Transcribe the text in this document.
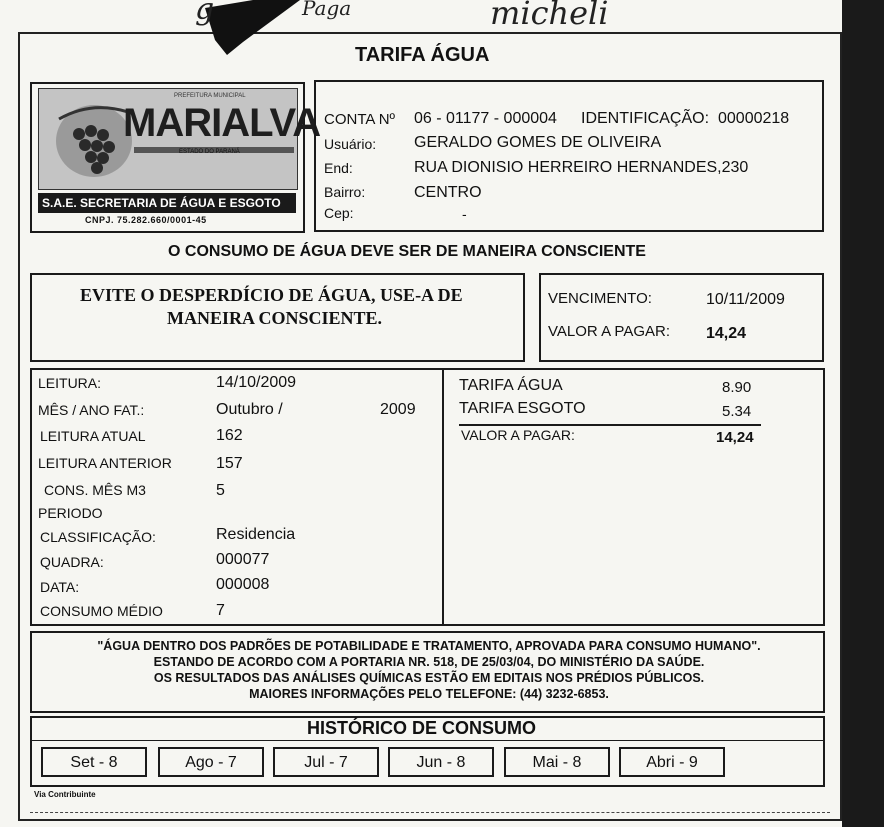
g	Paga	micheli
TARIFA ÁGUA
PREFEITURA MUNICIPAL
MARIALVA
ESTADO DO PARANÁ
S.A.E. SECRETARIA DE ÁGUA E ESGOTO
CNPJ. 75.282.660/0001-45
CONTA Nº 06 - 01177 - 000004 IDENTIFICAÇÃO: 00000218
Usuário: GERALDO GOMES DE OLIVEIRA
End:	RUA DIONISIO HERREIRO HERNANDES,230
Bairro:	CENTRO
Cep:	-
O CONSUMO DE ÁGUA DEVE SER DE MANEIRA CONSCIENTE
EVITE O DESPERDÍCIO DE ÁGUA, USE-A DE
MANEIRA CONSCIENTE.
VENCIMENTO:	10/11/2009
VALOR A PAGAR: 14,24
LEITURA:	14/10/2009
MÊS / ANO FAT.:	Outubro /	2009
LEITURA ATUAL	162
LEITURA ANTERIOR	157
CONS. MÊS M3	5
PERIODO
CLASSIFICAÇÃO:	Residencia
QUADRA:	000077
DATA:	000008
CONSUMO MÉDIO	7
TARIFA ÁGUA	8.90
TARIFA ESGOTO	5.34
VALOR A PAGAR:	14,24
"ÁGUA DENTRO DOS PADRÕES DE POTABILIDADE E TRATAMENTO, APROVADA PARA CONSUMO HUMANO".
ESTANDO DE ACORDO COM A PORTARIA NR. 518, DE 25/03/04, DO MINISTÉRIO DA SAÚDE.
OS RESULTADOS DAS ANÁLISES QUÍMICAS ESTÃO EM EDITAIS NOS PRÉDIOS PÚBLICOS.
MAIORES INFORMAÇÕES PELO TELEFONE: (44) 3232-6853.
HISTÓRICO DE CONSUMO
Set - 8	Ago - 7	Jul - 7	Jun - 8	Mai - 8	Abri - 9
Via Contribuinte
